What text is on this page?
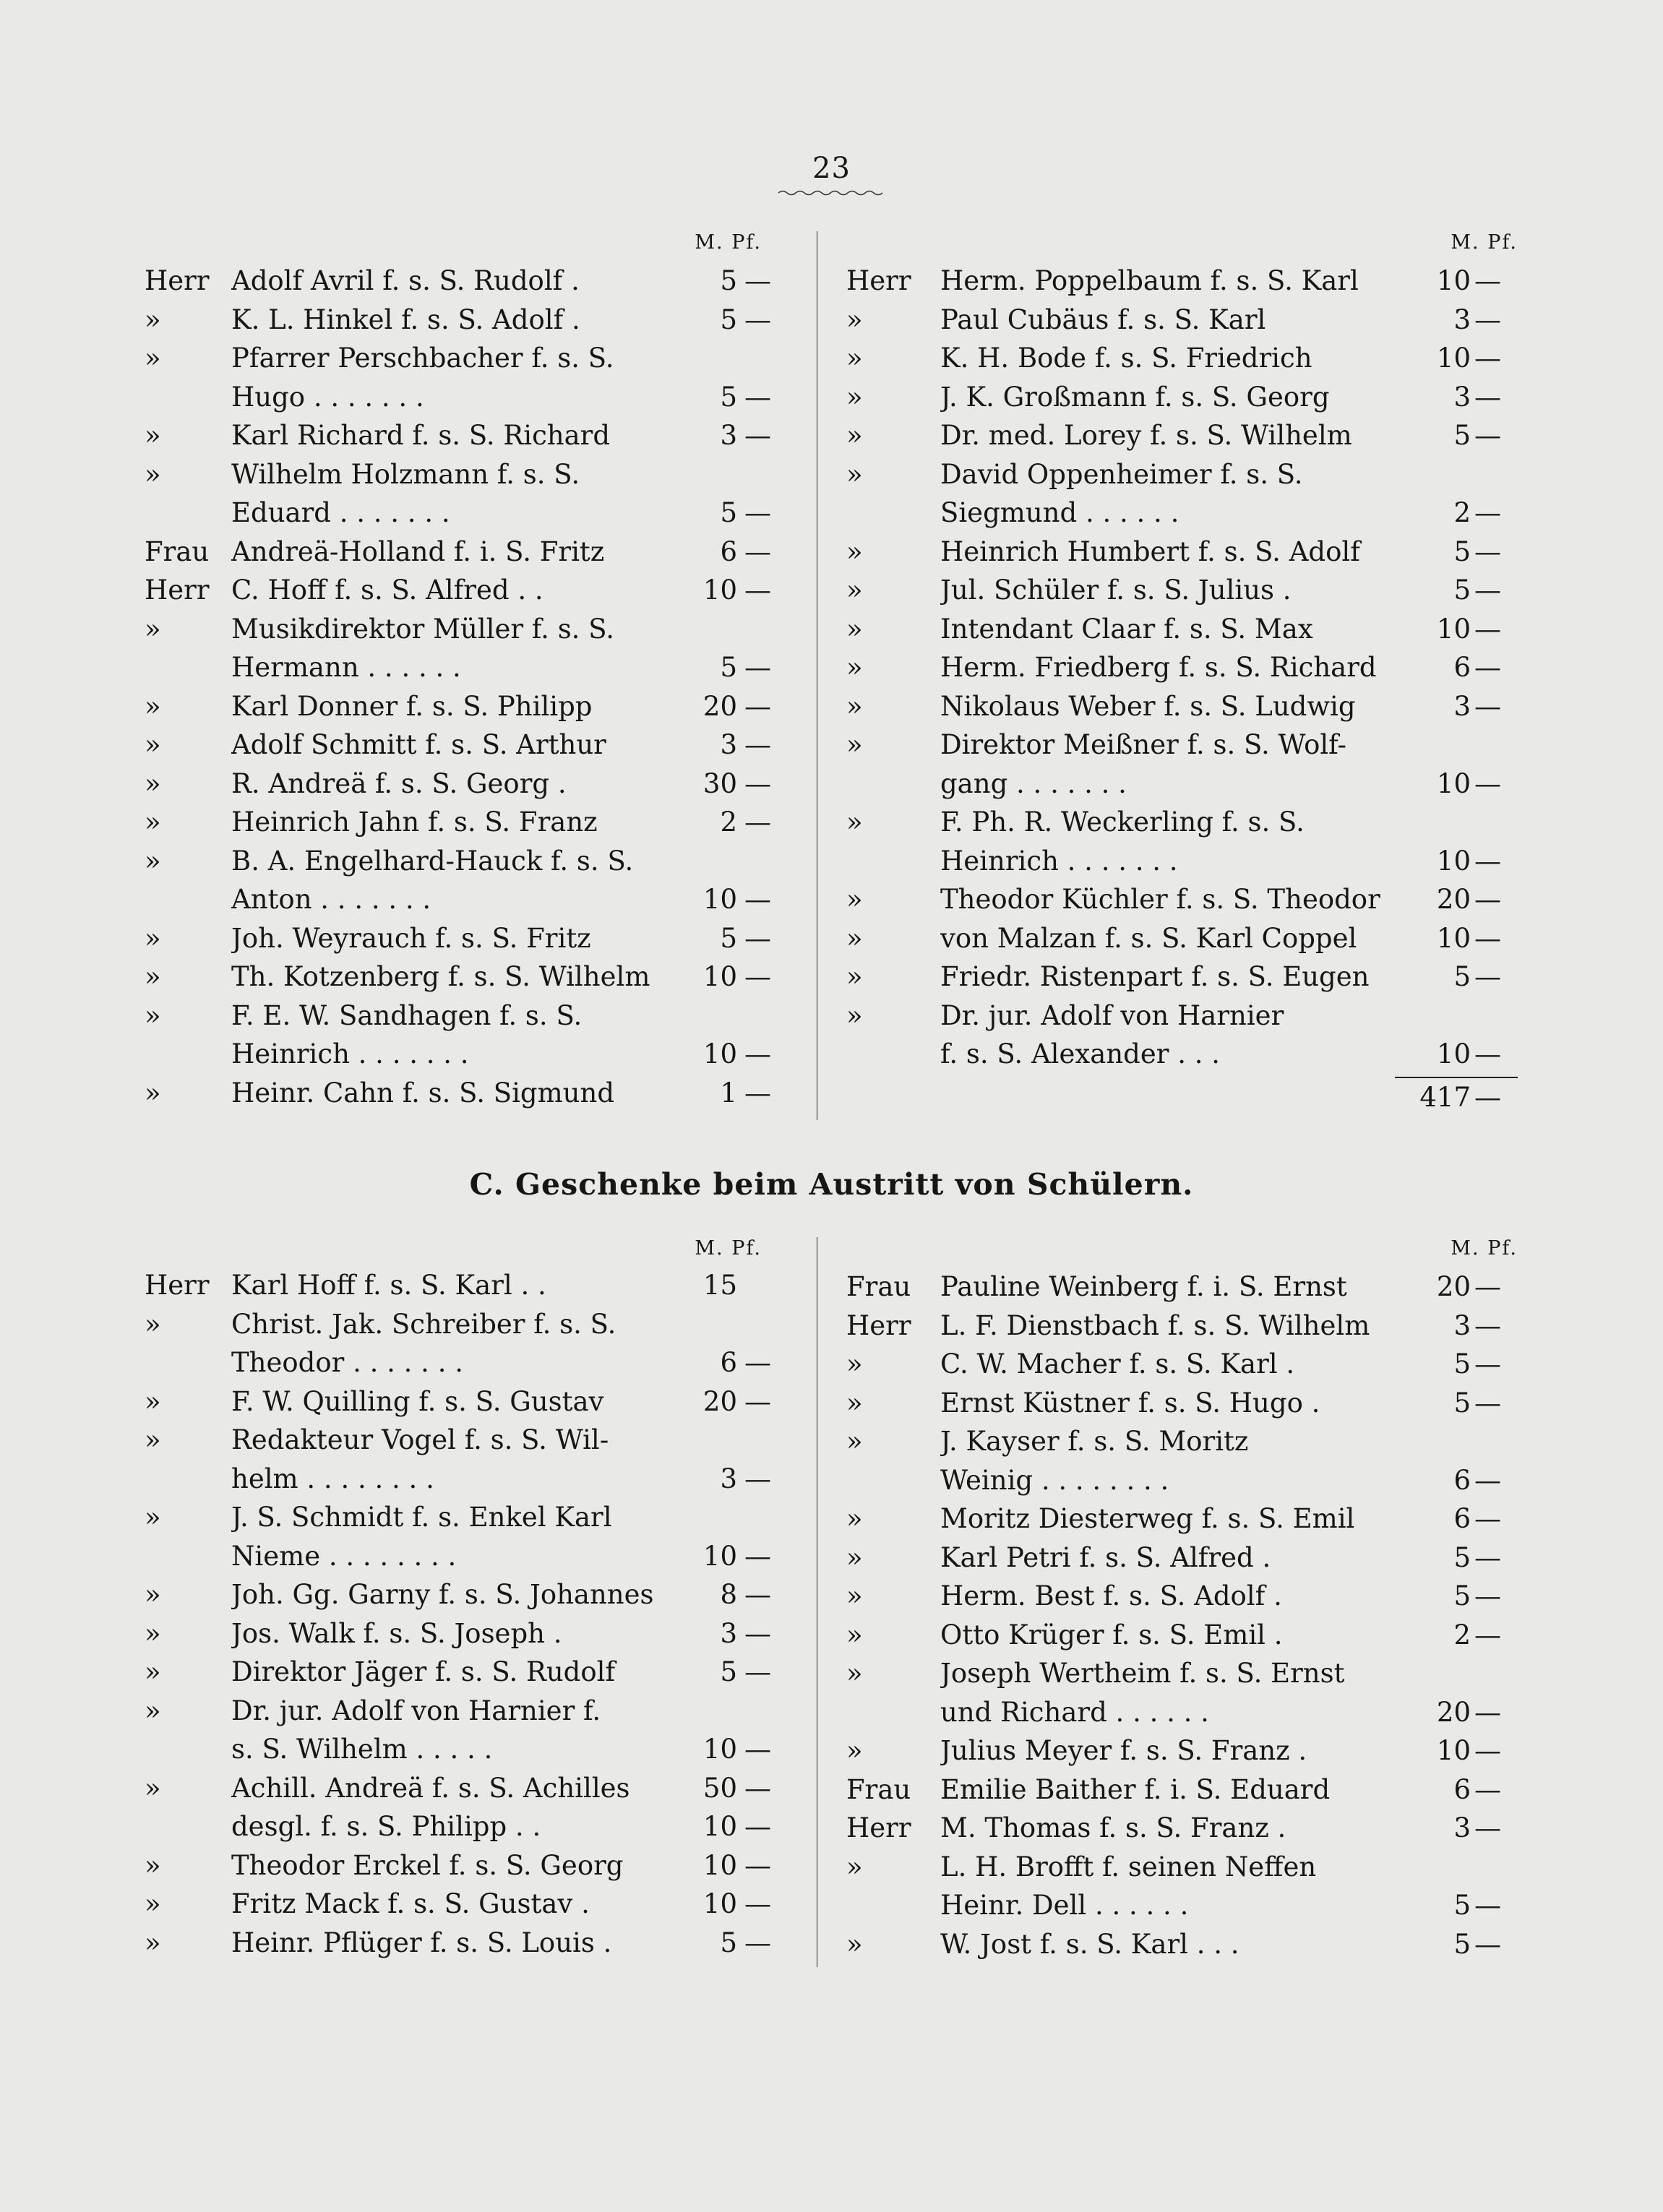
23
M. Pf.
Herr Adolf Avril f. s. S. Rudolf .	5 —
»	K. L. Hinkel f. s. S. Adolf .	5 —
»	Pfarrer Perschbacher f. s. S.
Hugo . . . . . . .	5 —
»	Karl Richard f. s. S. Richard	3 —
»	Wilhelm Holzmann f. s. S.
Eduard . . . . . . .	5 —
Frau Andreä-Holland f. i. S. Fritz	6 —
Herr C. Hoff f. s. S. Alfred . .	10 —
»	Musikdirektor Müller f. s. S.
Hermann . . . . . .	5 —
»	Karl Donner f. s. S. Philipp	20 —
»	Adolf Schmitt f. s. S. Arthur	3 —
»	R. Andreä f. s. S. Georg .	30 —
»	Heinrich Jahn f. s. S. Franz	2 —
»	B. A. Engelhard-Hauck f. s. S.
Anton . . . . . . .	10 —
»	Joh. Weyrauch f. s. S. Fritz	5 —
»	Th. Kotzenberg f. s. S. Wilhelm	10 —
»	F. E. W. Sandhagen f. s. S.
Heinrich . . . . . . .	10 —
»	Heinr. Cahn f. s. S. Sigmund	1 —
M. Pf.
Herr Herm. Poppelbaum f. s. S. Karl	10 —
»	Paul Cubäus f. s. S. Karl	3 —
»	K. H. Bode f. s. S. Friedrich	10 —
»	J. K. Großmann f. s. S. Georg	3 —
»	Dr. med. Lorey f. s. S. Wilhelm	5 —
»	David Oppenheimer f. s. S.
Siegmund . . . . . .	2 —
»	Heinrich Humbert f. s. S. Adolf	5 —
»	Jul. Schüler f. s. S. Julius .	5 —
»	Intendant Claar f. s. S. Max	10 —
»	Herm. Friedberg f. s. S. Richard	6 —
»	Nikolaus Weber f. s. S. Ludwig	3 —
»	Direktor Meißner f. s. S. Wolf-
gang . . . . . . .	10 —
»	F. Ph. R. Weckerling f. s. S.
Heinrich . . . . . . .	10 —
»	Theodor Küchler f. s. S. Theodor	20 —
»	von Malzan f. s. S. Karl Coppel	10 —
»	Friedr. Ristenpart f. s. S. Eugen	5 —
»	Dr. jur. Adolf von Harnier
f. s. S. Alexander . . .	10 —
417 —
C. Geschenke beim Austritt von Schülern.
M. Pf.
Herr Karl Hoff f. s. S. Karl . .	15
»	Christ. Jak. Schreiber f. s. S.
Theodor . . . . . . .	6 —
»	F. W. Quilling f. s. S. Gustav	20 —
»	Redakteur Vogel f. s. S. Wil-
helm . . . . . . . .	3 —
»	J. S. Schmidt f. s. Enkel Karl
Nieme . . . . . . . .	10 —
»	Joh. Gg. Garny f. s. S. Johannes	8 —
»	Jos. Walk f. s. S. Joseph .	3 —
»	Direktor Jäger f. s. S. Rudolf	5 —
»	Dr. jur. Adolf von Harnier f.
s. S. Wilhelm . . . . .	10 —
»	Achill. Andreä f. s. S. Achilles	50 —
desgl. f. s. S. Philipp . .	10 —
»	Theodor Erckel f. s. S. Georg	10 —
»	Fritz Mack f. s. S. Gustav .	10 —
»	Heinr. Pflüger f. s. S. Louis .	5 —
M. Pf.
Frau Pauline Weinberg f. i. S. Ernst	20 —
Herr L. F. Dienstbach f. s. S. Wilhelm	3 —
»	C. W. Macher f. s. S. Karl .	5 —
»	Ernst Küstner f. s. S. Hugo .	5 —
»	J. Kayser f. s. S. Moritz
Weinig . . . . . . . .	6 —
»	Moritz Diesterweg f. s. S. Emil	6 —
»	Karl Petri f. s. S. Alfred .	5 —
»	Herm. Best f. s. S. Adolf .	5 —
»	Otto Krüger f. s. S. Emil .	2 —
»	Joseph Wertheim f. s. S. Ernst
und Richard . . . . . .	20 —
»	Julius Meyer f. s. S. Franz .	10 —
Frau Emilie Baither f. i. S. Eduard	6 —
Herr M. Thomas f. s. S. Franz .	3 —
»	L. H. Brofft f. seinen Neffen
Heinr. Dell . . . . . .	5 —
»	W. Jost f. s. S. Karl . . .	5 —
